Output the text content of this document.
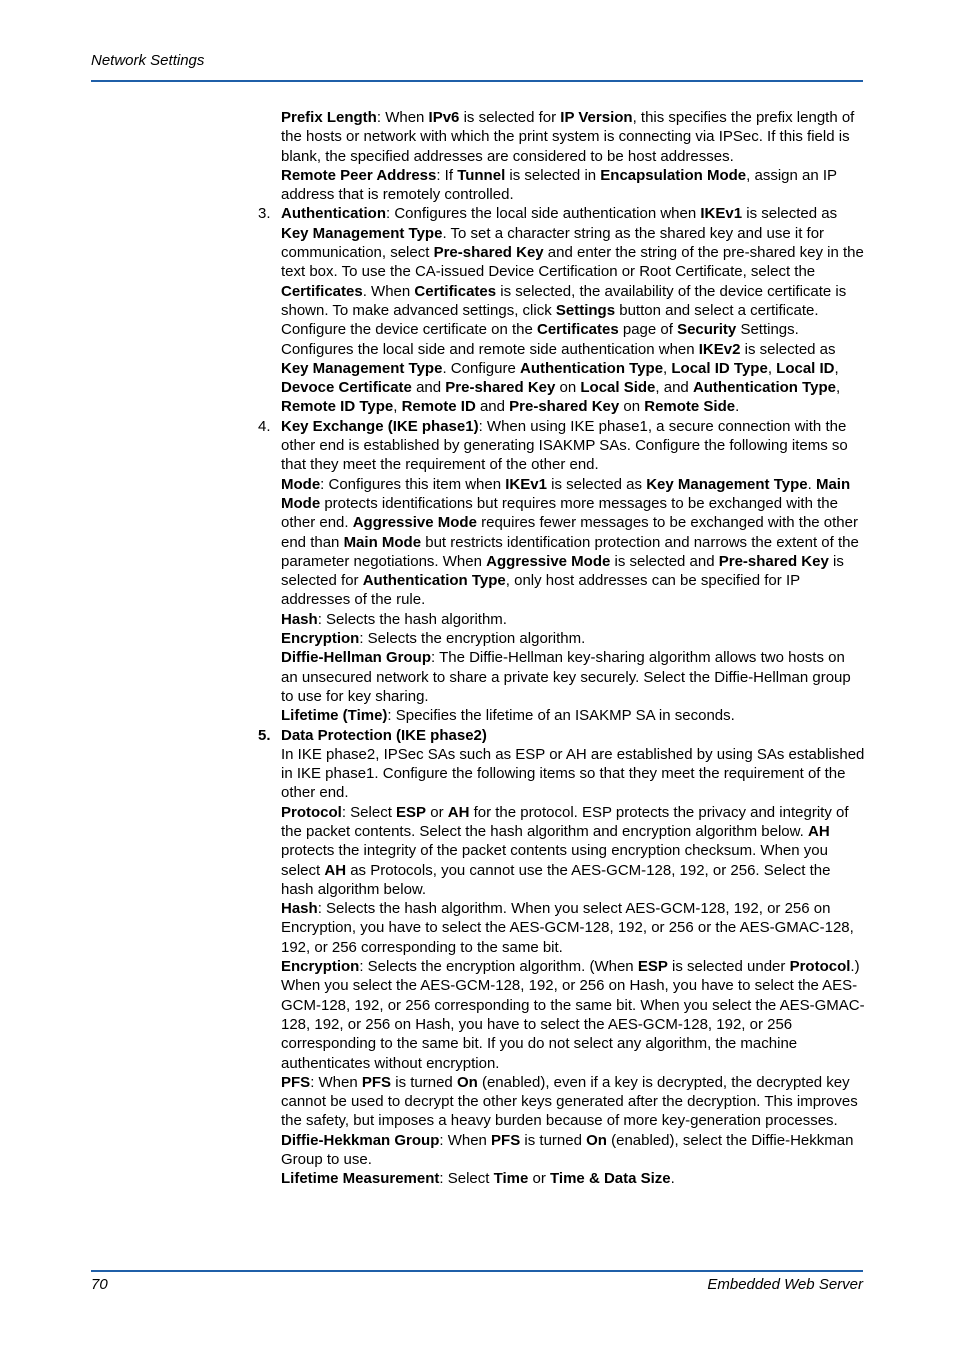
Network Settings

Prefix Length: When IPv6 is selected for IP Version, this specifies the prefix length of the hosts or network with which the print system is connecting via IPSec. If this field is blank, the specified addresses are considered to be host addresses.

Remote Peer Address: If Tunnel is selected in Encapsulation Mode, assign an IP address that is remotely controlled.

3. Authentication: Configures the local side authentication when IKEv1 is selected as Key Management Type. To set a character string as the shared key and use it for communication, select Pre-shared Key and enter the string of the pre-shared key in the text box. To use the CA-issued Device Certification or Root Certificate, select the Certificates. When Certificates is selected, the availability of the device certificate is shown. To make advanced settings, click Settings button and select a certificate. Configure the device certificate on the Certificates page of Security Settings.

Configures the local side and remote side authentication when IKEv2 is selected as Key Management Type. Configure Authentication Type, Local ID Type, Local ID, Devoce Certificate and Pre-shared Key on Local Side, and Authentication Type, Remote ID Type, Remote ID and Pre-shared Key on Remote Side.

4. Key Exchange (IKE phase1): When using IKE phase1, a secure connection with the other end is established by generating ISAKMP SAs. Configure the following items so that they meet the requirement of the other end.

Mode: Configures this item when IKEv1 is selected as Key Management Type. Main Mode protects identifications but requires more messages to be exchanged with the other end. Aggressive Mode requires fewer messages to be exchanged with the other end than Main Mode but restricts identification protection and narrows the extent of the parameter negotiations. When Aggressive Mode is selected and Pre-shared Key is selected for Authentication Type, only host addresses can be specified for IP addresses of the rule.

Hash: Selects the hash algorithm.

Encryption: Selects the encryption algorithm.

Diffie-Hellman Group: The Diffie-Hellman key-sharing algorithm allows two hosts on an unsecured network to share a private key securely. Select the Diffie-Hellman group to use for key sharing.

Lifetime (Time): Specifies the lifetime of an ISAKMP SA in seconds.

5. Data Protection (IKE phase2)

In IKE phase2, IPSec SAs such as ESP or AH are established by using SAs established in IKE phase1. Configure the following items so that they meet the requirement of the other end.

Protocol: Select ESP or AH for the protocol. ESP protects the privacy and integrity of the packet contents. Select the hash algorithm and encryption algorithm below. AH protects the integrity of the packet contents using encryption checksum. When you select AH as Protocols, you cannot use the AES-GCM-128, 192, or 256. Select the hash algorithm below.

Hash: Selects the hash algorithm. When you select AES-GCM-128, 192, or 256 on Encryption, you have to select the AES-GCM-128, 192, or 256 or the AES-GMAC-128, 192, or 256 corresponding to the same bit.

Encryption: Selects the encryption algorithm. (When ESP is selected under Protocol.) When you select the AES-GCM-128, 192, or 256 on Hash, you have to select the AES-GCM-128, 192, or 256 corresponding to the same bit. When you select the AES-GMAC-128, 192, or 256 on Hash, you have to select the AES-GCM-128, 192, or 256 corresponding to the same bit. If you do not select any algorithm, the machine authenticates without encryption.

PFS: When PFS is turned On (enabled), even if a key is decrypted, the decrypted key cannot be used to decrypt the other keys generated after the decryption. This improves the safety, but imposes a heavy burden because of more key-generation processes.

Diffie-Hekkman Group: When PFS is turned On (enabled), select the Diffie-Hekkman Group to use.

Lifetime Measurement: Select Time or Time & Data Size.

70	Embedded Web Server
